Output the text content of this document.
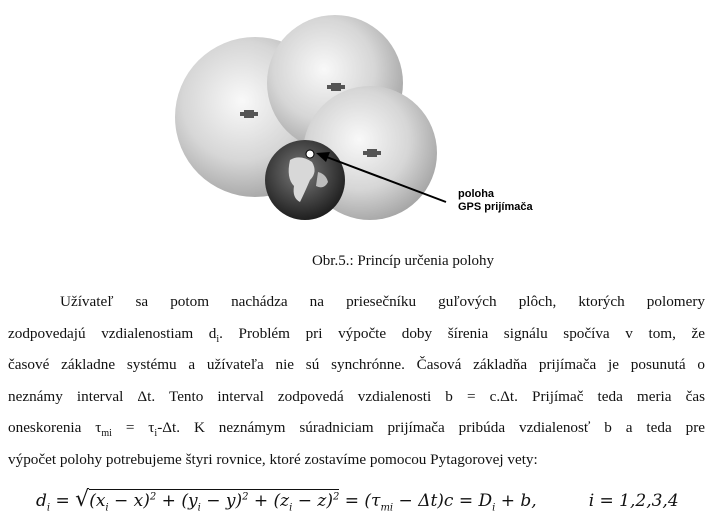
poloha
GPS prijímača
Obr.5.: Princíp určenia polohy
Užívateľ sa potom nachádza na priesečníku guľových plôch, ktorých polomery
zodpovedajú vzdialenostiam $d_i$. Problém pri výpočte doby šírenia signálu spočíva v tom, že
časové základne systému a užívateľa nie sú synchrónne. Časová základňa prijímača je posunutá o
neznámy interval Δt. Tento interval zodpovedá vzdialenosti b = c.Δt. Prijímač teda meria čas
oneskorenia $\tau_{mi} = \tau_i-\Delta t$. K neznámym súradniciam prijímača pribúda vzdialenosť b a teda pre
výpočet polohy potrebujeme štyri rovnice, ktoré zostavíme pomocou Pytagorovej vety:
$d_i = √(x_i - x)^2 + (y_i - y)^2 + (z_i - z)^2 = (\tau_{mi} - \Delta t)c = D_i + b$,	i = 1,2,3,4
